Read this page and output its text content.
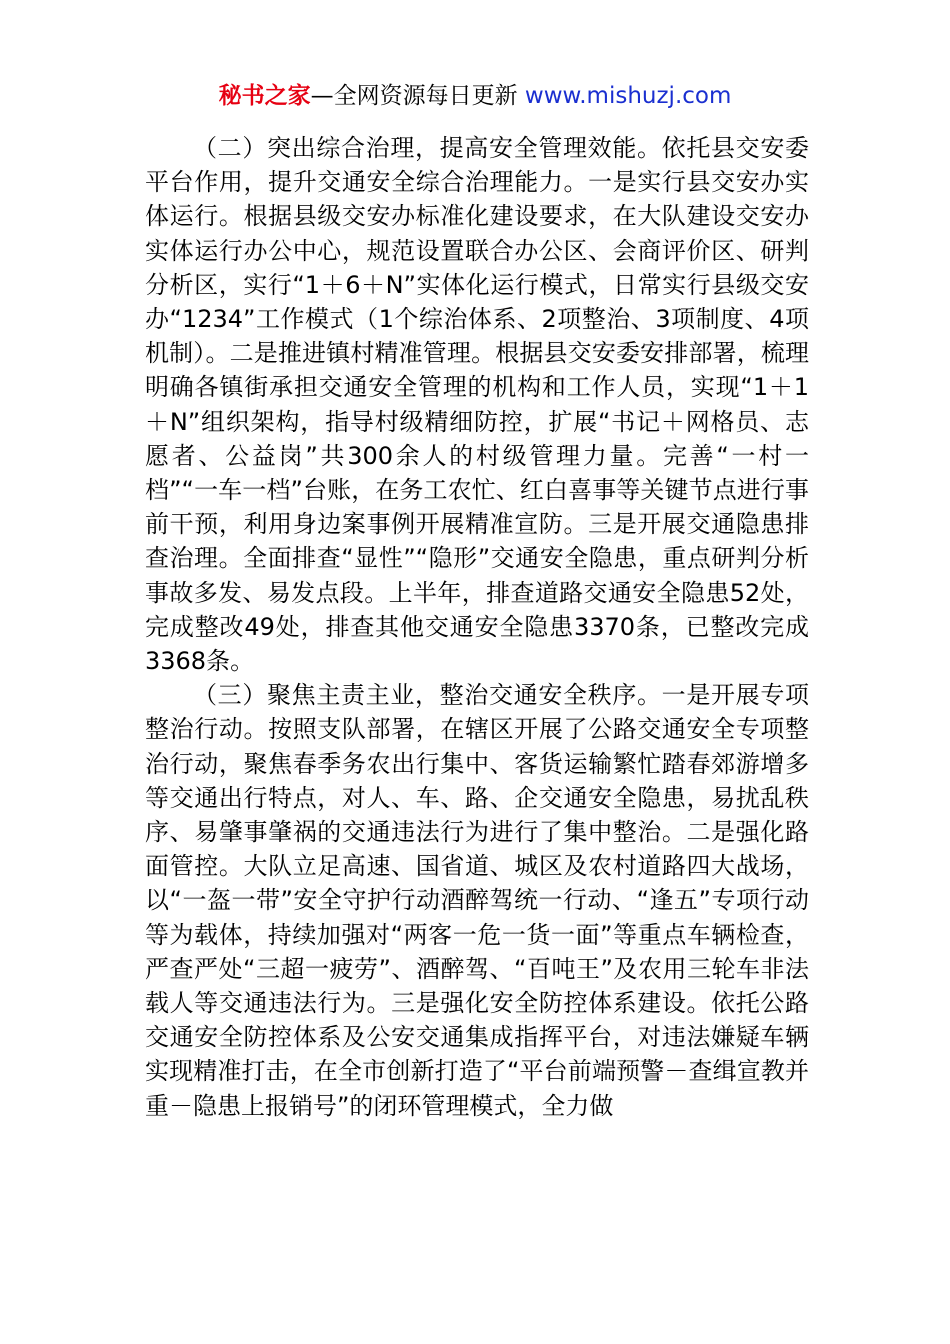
秘书之家—全网资源每日更新 www.mishuzj.com

（二）突出综合治理，提高安全管理效能。依托县交安委平台作用，提升交通安全综合治理能力。一是实行县交安办实体运行。根据县级交安办标准化建设要求，在大队建设交安办实体运行办公中心，规范设置联合办公区、会商评价区、研判分析区，实行“1＋6＋N”实体化运行模式，日常实行县级交安办“1234”工作模式（1个综治体系、2项整治、3项制度、4项机制）。二是推进镇村精准管理。根据县交安委安排部署，梳理明确各镇街承担交通安全管理的机构和工作人员，实现“1＋1＋N”组织架构，指导村级精细防控，扩展“书记＋网格员、志愿者、公益岗”共300余人的村级管理力量。完善“一村一档”“一车一档”台账，在务工农忙、红白喜事等关键节点进行事前干预，利用身边案事例开展精准宣防。三是开展交通隐患排查治理。全面排查“显性”“隐形”交通安全隐患，重点研判分析事故多发、易发点段。上半年，排查道路交通安全隐患52处，完成整改49处，排查其他交通安全隐患3370条，已整改完成3368条。

（三）聚焦主责主业，整治交通安全秩序。一是开展专项整治行动。按照支队部署，在辖区开展了公路交通安全专项整治行动，聚焦春季务农出行集中、客货运输繁忙踏春郊游增多等交通出行特点，对人、车、路、企交通安全隐患，易扰乱秩序、易肇事肇祸的交通违法行为进行了集中整治。二是强化路面管控。大队立足高速、国省道、城区及农村道路四大战场，以“一盔一带”安全守护行动酒醉驾统一行动、“逢五”专项行动等为载体，持续加强对“两客一危一货一面”等重点车辆检查，严查严处“三超一疲劳”、酒醉驾、“百吨王”及农用三轮车非法载人等交通违法行为。三是强化安全防控体系建设。依托公路交通安全防控体系及公安交通集成指挥平台，对违法嫌疑车辆实现精准打击，在全市创新打造了“平台前端预警－查缉宣教并重－隐患上报销号”的闭环管理模式，全力做
